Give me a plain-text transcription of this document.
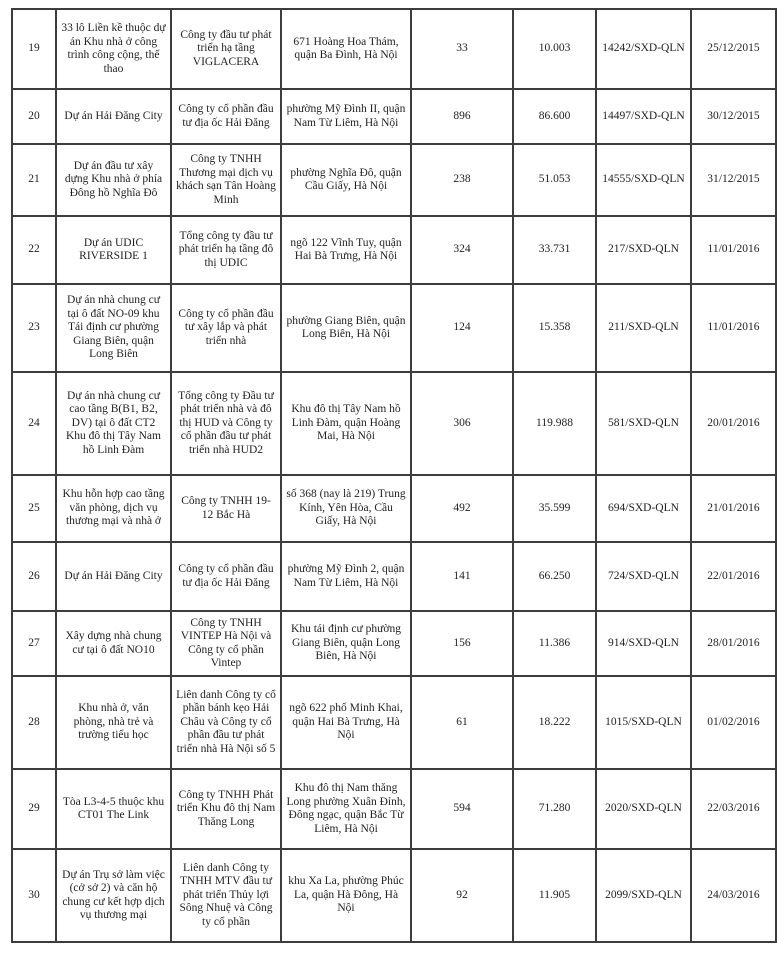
19	33 lô Liền kề thuộc dự án Khu nhà ở công trình công cộng, thể thao	Công ty đầu tư phát triển hạ tầng VIGLACERA	671 Hoàng Hoa Thám, quận Ba Đình, Hà Nội	33	10.003	14242/SXD-QLN	25/12/2015
20	Dự án Hải Đăng City	Công ty cổ phần đầu tư địa ốc Hải Đăng	phường Mỹ Đình II, quận Nam Từ Liêm, Hà Nội	896	86.600	14497/SXD-QLN	30/12/2015
21	Dự án đầu tư xây dựng Khu nhà ở phía Đông hồ Nghĩa Đô	Công ty TNHH Thương mại dịch vụ khách sạn Tân Hoàng Minh	phường Nghĩa Đô, quận Cầu Giấy, Hà Nội	238	51.053	14555/SXD-QLN	31/12/2015
22	Dự án UDIC RIVERSIDE 1	Tổng công ty đầu tư phát triển hạ tầng đô thị UDIC	ngõ 122 Vĩnh Tuy, quận Hai Bà Trưng, Hà Nội	324	33.731	217/SXD-QLN	11/01/2016
23	Dự án nhà chung cư tại ô đất NO-09 khu Tái định cư phường Giang Biên, quận Long Biên	Công ty cổ phần đầu tư xây lắp và phát triển nhà	phường Giang Biên, quận Long Biên, Hà Nội	124	15.358	211/SXD-QLN	11/01/2016
24	Dự án nhà chung cư cao tầng B(B1, B2, DV) tại ô đất CT2 Khu đô thị Tây Nam hồ Linh Đàm	Tổng công ty Đầu tư phát triển nhà và đô thị HUD và Công ty cổ phần đầu tư phát triển nhà HUD2	Khu đô thị Tây Nam hồ Linh Đàm, quận Hoàng Mai, Hà Nội	306	119.988	581/SXD-QLN	20/01/2016
25	Khu hỗn hợp cao tầng văn phòng, dịch vụ thương mại và nhà ở	Công ty TNHH 19-12 Bắc Hà	số 368 (nay là 219) Trung Kính, Yên Hòa, Cầu Giấy, Hà Nội	492	35.599	694/SXD-QLN	21/01/2016
26	Dự án Hải Đăng City	Công ty cổ phần đầu tư địa ốc Hải Đăng	phường Mỹ Đình 2, quận Nam Từ Liêm, Hà Nội	141	66.250	724/SXD-QLN	22/01/2016
27	Xây dựng nhà chung cư tại ô đất NO10	Công ty TNHH VINTEP Hà Nội và Công ty cổ phần Vintep	Khu tái định cư phường Giang Biên, quận Long Biên, Hà Nội	156	11.386	914/SXD-QLN	28/01/2016
28	Khu nhà ở, văn phòng, nhà trẻ và trường tiểu học	Liên danh Công ty cổ phần bánh kẹo Hải Châu và Công ty cổ phần đầu tư phát triển nhà Hà Nội số 5	ngõ 622 phố Minh Khai, quận Hai Bà Trưng, Hà Nội	61	18.222	1015/SXD-QLN	01/02/2016
29	Tòa L3-4-5 thuộc khu CT01 The Link	Công ty TNHH Phát triển Khu đô thị Nam Thăng Long	Khu đô thị Nam thăng Long phường Xuân Đỉnh, Đông ngạc, quận Bắc Từ Liêm, Hà Nội	594	71.280	2020/SXD-QLN	22/03/2016
30	Dự án Trụ sở làm việc (cở sở 2) và căn hộ chung cư kết hợp dịch vụ thương mại	Liên danh Công ty TNHH MTV đầu tư phát triển Thủy lợi Sông Nhuệ và Công ty cổ phần	khu Xa La, phường Phúc La, quận Hà Đông, Hà Nội	92	11.905	2099/SXD-QLN	24/03/2016
